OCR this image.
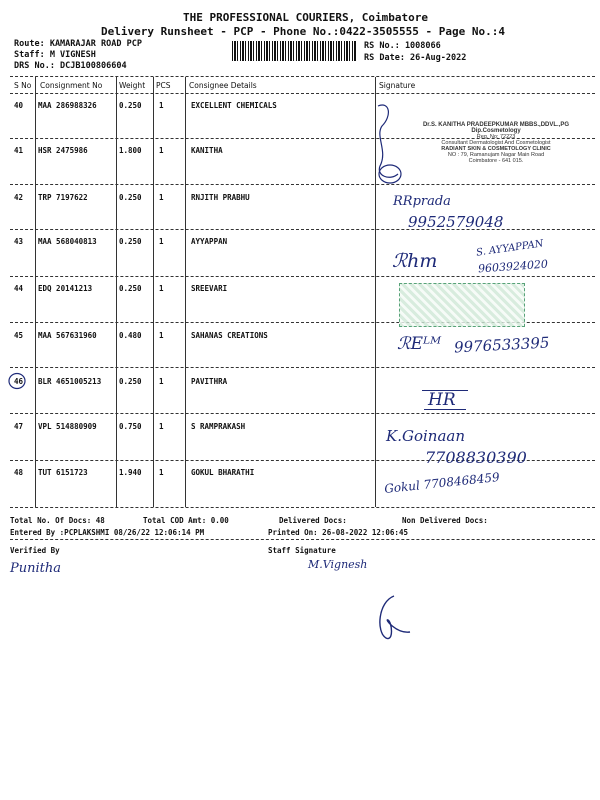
THE PROFESSIONAL COURIERS, Coimbatore
Delivery Runsheet - PCP - Phone No.:0422-3505555 - Page No.:4
Route: KAMARAJAR ROAD PCP
Staff: M VIGNESH
DRS No.: DCJB100806604
RS No.: 1008066
RS Date: 26-Aug-2022
S No Consignment No Weight PCS Consignee Details	Signature
40 MAA 286988326	0.250 1	EXCELLENT CHEMICALS
41 HSR 2475986	1.800 1	KANITHA
42 TRP 7197622	0.250 1	RNJITH PRABHU
43 MAA 568040813	0.250 1	AYYAPPAN
44 EDQ 20141213	0.250 1	SREEVARI
45 MAA 567631960	0.480 1	SAHANAS CREATIONS
46 BLR 4651005213 0.250 1	PAVITHRA
47 VPL 514880909	0.750 1	S RAMPRAKASH
48 TUT 6151723	1.940 1	GOKUL BHARATHI
Dr.S. KANITHA PRADEEPKUMAR MBBS.,DDVL.,PG Dip.Cosmetology
Reg. No: 72223
Consultant Dermatologist And Cosmetologist
RADIANT SKIN & COSMETOLOGY CLINIC
NO : 79, Ramanujam Nagar Main Road
Coimbatore - 641 015.
RRprada
9952579048
ℛhm
S. AYYAPPAN
9603924020
ℛEᴸᴹ 9976533395
HR
K.Goinaan
7708830390
Gokul 7708468459
Total No. Of Docs: 48	Total COD Amt: 0.00	Delivered Docs:	Non Delivered Docs:
Entered By :PCPLAKSHMI 08/26/22 12:06:14 PM	Printed On: 26-08-2022 12:06:45
Verified By	Staff Signature
Punitha	M.Vignesh
